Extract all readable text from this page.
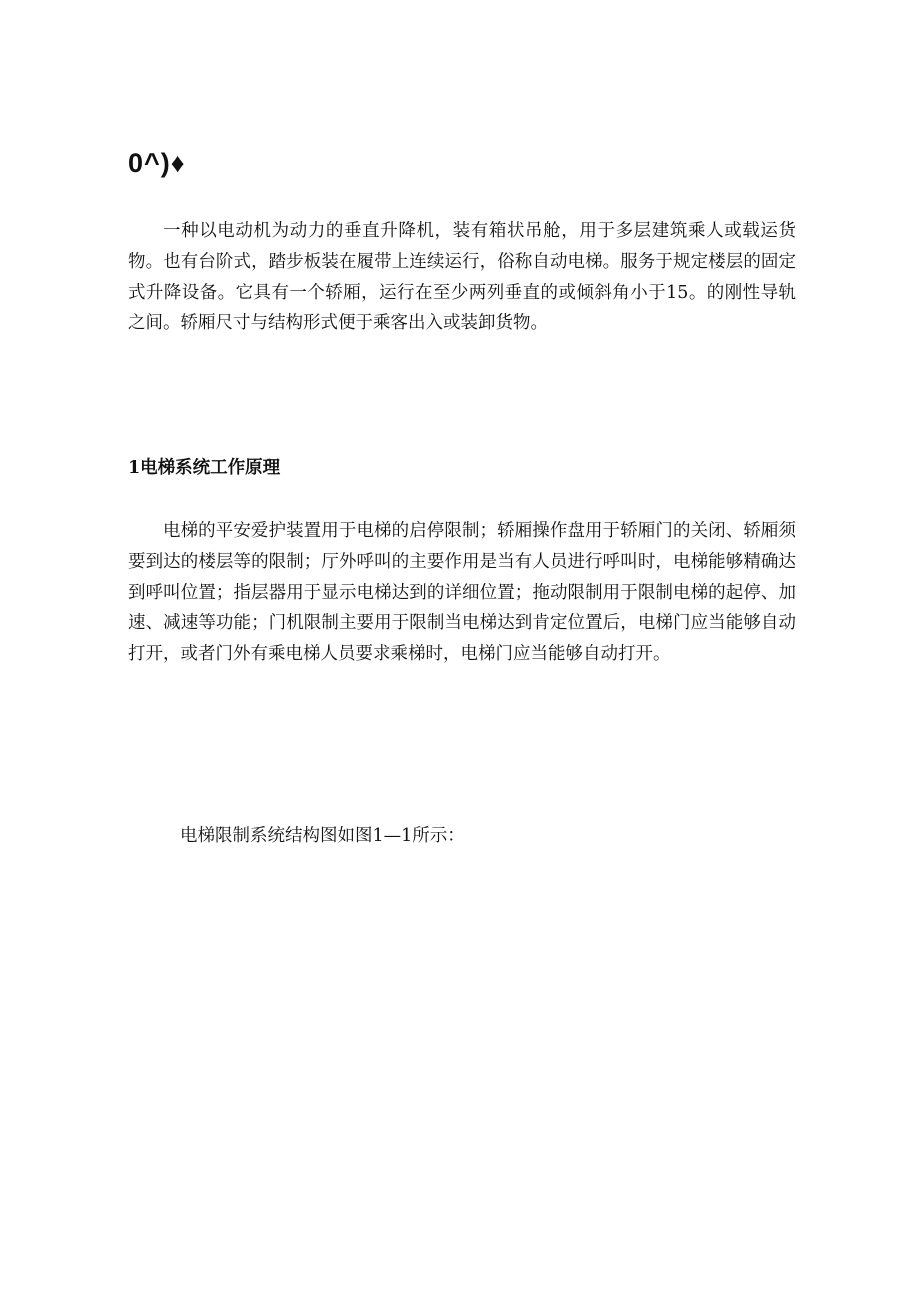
0^)♦

一种以电动机为动力的垂直升降机，装有箱状吊舱，用于多层建筑乘人或载运货物。也有台阶式，踏步板装在履带上连续运行，俗称自动电梯。服务于规定楼层的固定式升降设备。它具有一个轿厢，运行在至少两列垂直的或倾斜角小于15。的刚性导轨之间。轿厢尺寸与结构形式便于乘客出入或装卸货物。

1电梯系统工作原理

电梯的平安爱护装置用于电梯的启停限制；轿厢操作盘用于轿厢门的关闭、轿厢须要到达的楼层等的限制；厅外呼叫的主要作用是当有人员进行呼叫时，电梯能够精确达到呼叫位置；指层器用于显示电梯达到的详细位置；拖动限制用于限制电梯的起停、加速、减速等功能；门机限制主要用于限制当电梯达到肯定位置后，电梯门应当能够自动打开，或者门外有乘电梯人员要求乘梯时，电梯门应当能够自动打开。

电梯限制系统结构图如图1—1所示：
